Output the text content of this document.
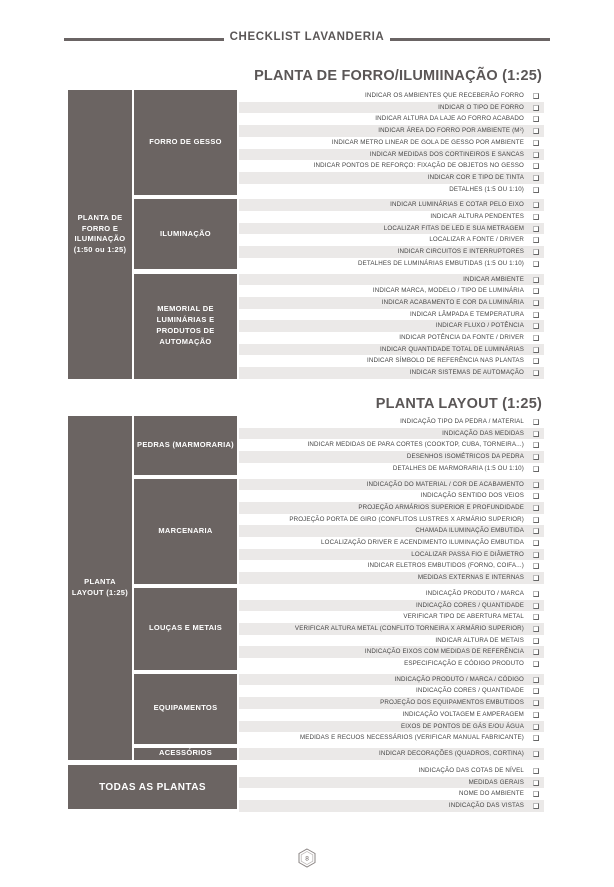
CHECKLIST LAVANDERIA
PLANTA DE FORRO/ILUMIINAÇÃO (1:25)
INDICAR OS AMBIENTES QUE RECEBERÃO FORRO
INDICAR O TIPO DE FORRO
INDICAR ALTURA DA LAJE AO FORRO ACABADO
INDICAR ÁREA DO FORRO POR AMBIENTE (M²)
INDICAR METRO LINEAR DE GOLA DE GESSO POR AMBIENTE
INDICAR MEDIDAS DOS CORTINEIROS E SANCAS
INDICAR PONTOS DE REFORÇO: FIXAÇÃO DE OBJETOS NO GESSO
INDICAR COR E TIPO DE TINTA
DETALHES (1:5 OU 1:10)
FORRO DE GESSO
INDICAR LUMINÁRIAS E COTAR PELO EIXO
INDICAR ALTURA PENDENTES
LOCALIZAR FITAS DE LED E SUA METRAGEM
LOCALIZAR A FONTE / DRIVER
INDICAR CIRCUITOS E INTERRUPTORES
DETALHES DE LUMINÁRIAS EMBUTIDAS (1:5 OU 1:10)
ILUMINAÇÃO
INDICAR AMBIENTE
INDICAR MARCA, MODELO / TIPO DE LUMINÁRIA
INDICAR ACABAMENTO E COR DA LUMINÁRIA
INDICAR LÂMPADA E TEMPERATURA
INDICAR FLUXO / POTÊNCIA
INDICAR POTÊNCIA DA FONTE / DRIVER
INDICAR QUANTIDADE TOTAL DE LUMINÁRIAS
INDICAR SÍMBOLO DE REFERÊNCIA NAS PLANTAS
INDICAR SISTEMAS DE AUTOMAÇÃO
MEMORIAL DE LUMINÁRIAS E PRODUTOS DE AUTOMAÇÃO
PLANTA DE FORRO E ILUMINAÇÃO (1:50 ou 1:25)
PLANTA LAYOUT (1:25)
INDICAÇÃO TIPO DA PEDRA / MATERIAL
INDICAÇÃO DAS MEDIDAS
INDICAR MEDIDAS DE PARA CORTES (COOKTOP, CUBA, TORNEIRA...)
DESENHOS ISOMÉTRICOS DA PEDRA
DETALHES DE MARMORARIA (1:5 OU 1:10)
PEDRAS (MARMORARIA)
INDICAÇÃO DO MATERIAL / COR DE ACABAMENTO
INDICAÇÃO SENTIDO DOS VEIOS
PROJEÇÃO ARMÁRIOS SUPERIOR E PROFUNDIDADE
PROJEÇÃO PORTA DE GIRO (CONFLITOS LUSTRES X ARMÁRIO SUPERIOR)
CHAMADA ILUMINAÇÃO EMBUTIDA
LOCALIZAÇÃO DRIVER E ACENDIMENTO ILUMINAÇÃO EMBUTIDA
LOCALIZAR PASSA FIO E DIÂMETRO
INDICAR ELETROS EMBUTIDOS (FORNO, COIFA...)
MEDIDAS EXTERNAS E INTERNAS
MARCENARIA
INDICAÇÃO PRODUTO / MARCA
INDICAÇÃO CORES / QUANTIDADE
VERIFICAR TIPO DE ABERTURA METAL
VERIFICAR ALTURA METAL (CONFLITO TORNEIRA X ARMÁRIO SUPERIOR)
INDICAR ALTURA DE METAIS
INDICAÇÃO EIXOS COM MEDIDAS DE REFERÊNCIA
ESPECIFICAÇÃO E CÓDIGO PRODUTO
LOUÇAS E METAIS
INDICAÇÃO PRODUTO / MARCA / CÓDIGO
INDICAÇÃO CORES / QUANTIDADE
PROJEÇÃO DOS EQUIPAMENTOS EMBUTIDOS
INDICAÇÃO VOLTAGEM E AMPERAGEM
EIXOS DE PONTOS DE GÁS E/OU ÁGUA
MEDIDAS E RECUOS NECESSÁRIOS (VERIFICAR MANUAL FABRICANTE)
EQUIPAMENTOS
INDICAR DECORAÇÕES (QUADROS, CORTINA)
ACESSÓRIOS
PLANTA LAYOUT (1:25)
TODAS AS PLANTAS
INDICAÇÃO DAS COTAS DE NÍVEL
MEDIDAS GERAIS
NOME DO AMBIENTE
INDICAÇÃO DAS VISTAS
8
